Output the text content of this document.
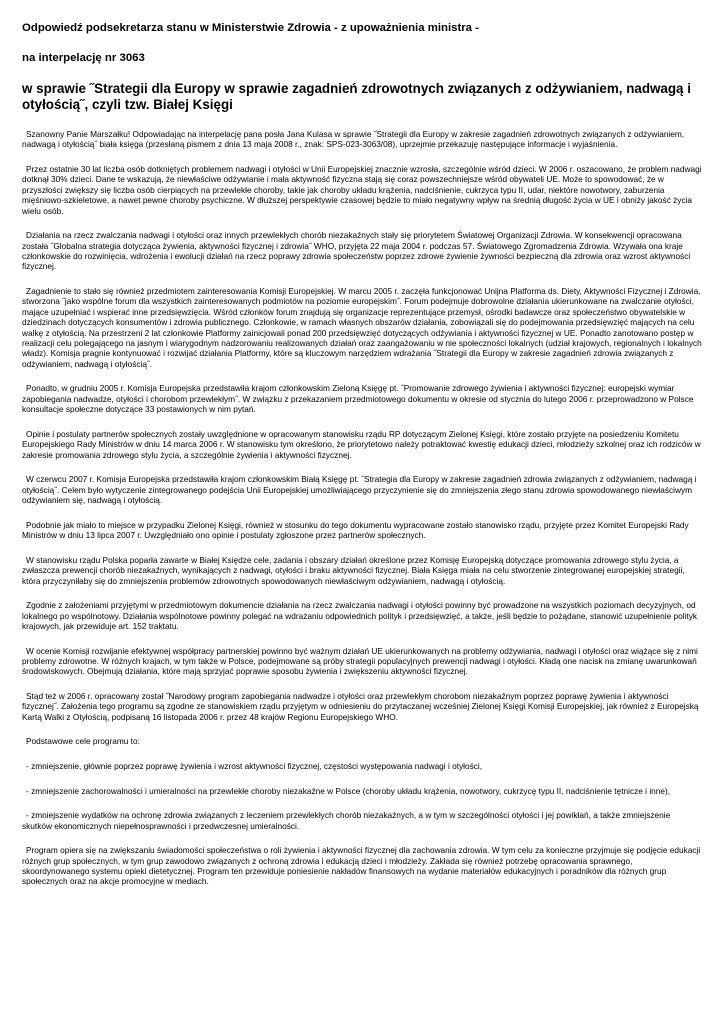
Odpowiedź podsekretarza stanu w Ministerstwie Zdrowia - z upoważnienia ministra -
na interpelację nr 3063
w sprawie ˝Strategii dla Europy w sprawie zagadnień zdrowotnych związanych z odżywianiem, nadwagą i otyłością˝, czyli tzw. Białej Księgi

Szanowny Panie Marszałku! Odpowiadając na interpelację pana posła Jana Kulasa w sprawie ˝Strategii dla Europy w zakresie zagadnień zdrowotnych związanych z odżywianiem, nadwagą i otyłością˝ biała księga (przesłaną pismem z dnia 13 maja 2008 r., znak: SPS-023-3063/08), uprzejmie przekazuję następujące informacje i wyjaśnienia.

Przez ostatnie 30 lat liczba osób dotkniętych problemem nadwagi i otyłości w Unii Europejskiej znacznie wzrosła, szczególnie wśród dzieci. W 2006 r. oszacowano, że problem nadwagi dotknął 30% dzieci. Dane te wskazują, że niewłaściwe odżywianie i mała aktywność fizyczna stają się coraz powszechniejsze wśród obywateli UE. Może to spowodować, że w przyszłości zwiększy się liczba osób cierpiących na przewlekłe choroby, takie jak choroby układu krążenia, nadciśnienie, cukrzyca typu II, udar, niektóre nowotwory, zaburzenia mięśniowo-szkieletowe, a nawet pewne choroby psychiczne. W dłuższej perspektywie czasowej będzie to miało negatywny wpływ na średnią długość życia w UE i obniży jakość życia wielu osób.

Działania na rzecz zwalczania nadwagi i otyłości oraz innych przewlekłych chorób niezakaźnych stały się priorytetem Światowej Organizacji Zdrowia. W konsekwencji opracowana została ˝Globalna strategia dotycząca żywienia, aktywności fizycznej i zdrowia˝ WHO, przyjęta 22 maja 2004 r. podczas 57. Światowego Zgromadzenia Zdrowia. Wzywała ona kraje członkowskie do rozwinięcia, wdrożenia i ewolucji działań na rzecz poprawy zdrowia społeczeństw poprzez zdrowe żywienie żywności bezpieczną dla zdrowia oraz wzrost aktywności fizycznej.

Zagadnienie to stało się również przedmiotem zainteresowania Komisji Europejskiej. W marcu 2005 r. zaczęła funkcjonować Unijna Platforma ds. Diety, Aktywności Fizycznej i Zdrowia, stworzona ˝jako wspólne forum dla wszystkich zainteresowanych podmiotów na poziomie europejskim˝. Forum podejmuje dobrowolne działania ukierunkowane na zwalczanie otyłości, mające uzupełniać i wspierać inne przedsięwzięcia. Wśród członków forum znajdują się organizacje reprezentujące przemysł, ośrodki badawcze oraz społeczeństwo obywatelskie w dziedzinach dotyczących konsumentów i zdrowia publicznego. Członkowie, w ramach własnych obszarów działania, zobowiązali się do podejmowania przedsięwzięć mających na celu walkę z otyłością. Na przestrzeni 2 lat członkowie Platformy zainicjowali ponad 200 przedsięwzięć dotyczących odżywiania i aktywności fizycznej w UE. Ponadto zanotowano postęp w realizacji celu polegającego na jasnym i wiarygodnym nadzorowaniu realizowanych działań oraz zaangażowaniu w nie społeczności lokalnych (udział krajowych, regionalnych i lokalnych władz). Komisja pragnie kontynuować i rozwijać działania Platformy, które są kluczowym narzędziem wdrażania ˝Strategii dla Europy w zakresie zagadnień zdrowia związanych z odżywianiem, nadwagą i otyłością˝.

Ponadto, w grudniu 2005 r. Komisja Europejska przedstawiła krajom członkowskim Zieloną Księgę pt. ˝Promowanie zdrowego żywienia i aktywności fizycznej: europejski wymiar zapobiegania nadwadze, otyłości i chorobom przewlekłym˝. W związku z przekazaniem przedmiotowego dokumentu w okresie od stycznia do lutego 2006 r. przeprowadzono w Polsce konsultacje społeczne dotyczące 33 postawionych w nim pytań.

Opinie i postulaty partnerów społecznych zostały uwzględnione w opracowanym stanowisku rządu RP dotyczącym Zielonej Księgi, które zostało przyjęte na posiedzeniu Komitetu Europejskiego Rady Ministrów w dniu 14 marca 2006 r. W stanowisku tym określono, że priorytetowo należy potraktować kwestię edukacji dzieci, młodzieży szkolnej oraz ich rodziców w zakresie promowania zdrowego stylu życia, a szczególnie żywienia i aktywności fizycznej.

W czerwcu 2007 r. Komisja Europejska przedstawiła krajom członkowskim Białą Księgę pt. ˝Strategia dla Europy w zakresie zagadnień zdrowia związanych z odżywianiem, nadwagą i otyłością˝. Celem było wytyczenie zintegrowanego podejścia Unii Europejskiej umożliwiającego przyczynienie się do zmniejszenia złego stanu zdrowia spowodowanego niewłaściwym odżywianiem się, nadwagą i otyłością.

Podobnie jak miało to miejsce w przypadku Zielonej Księgi, również w stosunku do tego dokumentu wypracowane zostało stanowisko rządu, przyjęte przez Komitet Europejski Rady Ministrów w dniu 13 lipca 2007 r. Uwzględniało ono opinie i postulaty zgłoszone przez partnerów społecznych.

W stanowisku rządu Polska poparła zawarte w Białej Księdze cele, zadania i obszary działań określone przez Komisję Europejską dotyczące promowania zdrowego stylu życia, a zwłaszcza prewencji chorób niezakaźnych, wynikających z nadwagi, otyłości i braku aktywności fizycznej. Biała Księga miała na celu stworzenie zintegrowanej europejskiej strategii, która przyczyniłaby się do zmniejszenia problemów zdrowotnych spowodowanych niewłaściwym odżywianiem, nadwagą i otyłością.

Zgodnie z założeniami przyjętymi w przedmiotowym dokumencie działania na rzecz zwalczania nadwagi i otyłości powinny być prowadzone na wszystkich poziomach decyzyjnych, od lokalnego po wspólnotowy. Działania wspólnotowe powinny polegać na wdrażaniu odpowiednich polityk i przedsięwzięć, a także, jeśli będzie to pożądane, stanowić uzupełnienie polityk krajowych, jak przewiduje art. 152 traktatu.

W ocenie Komisji rozwijanie efektywnej współpracy partnerskiej powinno być ważnym działań UE ukierunkowanych na problemy odżywiania, nadwagi i otyłości oraz wiążące się z nimi problemy zdrowotne. W różnych krajach, w tym także w Polsce, podejmowane są próby strategii populacyjnych prewencji nadwagi i otyłości. Kładą one nacisk na zmianę uwarunkowań środowiskowych. Obejmują działania, które mają sprzyjać poprawie sposobu żywienia i zwiększeniu aktywności fizycznej.

Stąd też w 2006 r. opracowany został ˝Narodowy program zapobiegania nadwadze i otyłości oraz przewlekłym chorobom niezakaźnym poprzez poprawę żywienia i aktywności fizycznej˝. Założenia tego programu są zgodne ze stanowiskiem rządu przyjętym w odniesieniu do przytaczanej wcześniej Zielonej Księgi Komisji Europejskiej, jak również z Europejską Kartą Walki z Otyłością, podpisaną 16 listopada 2006 r. przez 48 krajów Regionu Europejskiego WHO.

Podstawowe cele programu to:

- zmniejszenie, głównie poprzez poprawę żywienia i wzrost aktywności fizycznej, częstości występowania nadwagi i otyłości,

- zmniejszenie zachorowalności i umieralności na przewlekłe choroby niezakaźne w Polsce (choroby układu krążenia, nowotwory, cukrzycę typu II, nadciśnienie tętnicze i inne),

- zmniejszenie wydatków na ochronę zdrowia związanych z leczeniem przewlekłych chorób niezakaźnych, a w tym w szczególności otyłości i jej powikłań, a także zmniejszenie skutków ekonomicznych niepełnosprawności i przedwczesnej umieralności.

Program opiera się na zwiększaniu świadomości społeczeństwa o roli żywienia i aktywności fizycznej dla zachowania zdrowia. W tym celu za konieczne przyjmuje się podjęcie edukacji różnych grup społecznych, w tym grup zawodowo związanych z ochroną zdrowia i edukacją dzieci i młodzieży. Zakłada się również potrzebę opracowania sprawnego, skoordynowanego systemu opieki dietetycznej. Program ten przewiduje poniesienie nakładów finansowych na wydanie materiałów edukacyjnych i poradników dla różnych grup społecznych oraz na akcje promocyjne w mediach.
